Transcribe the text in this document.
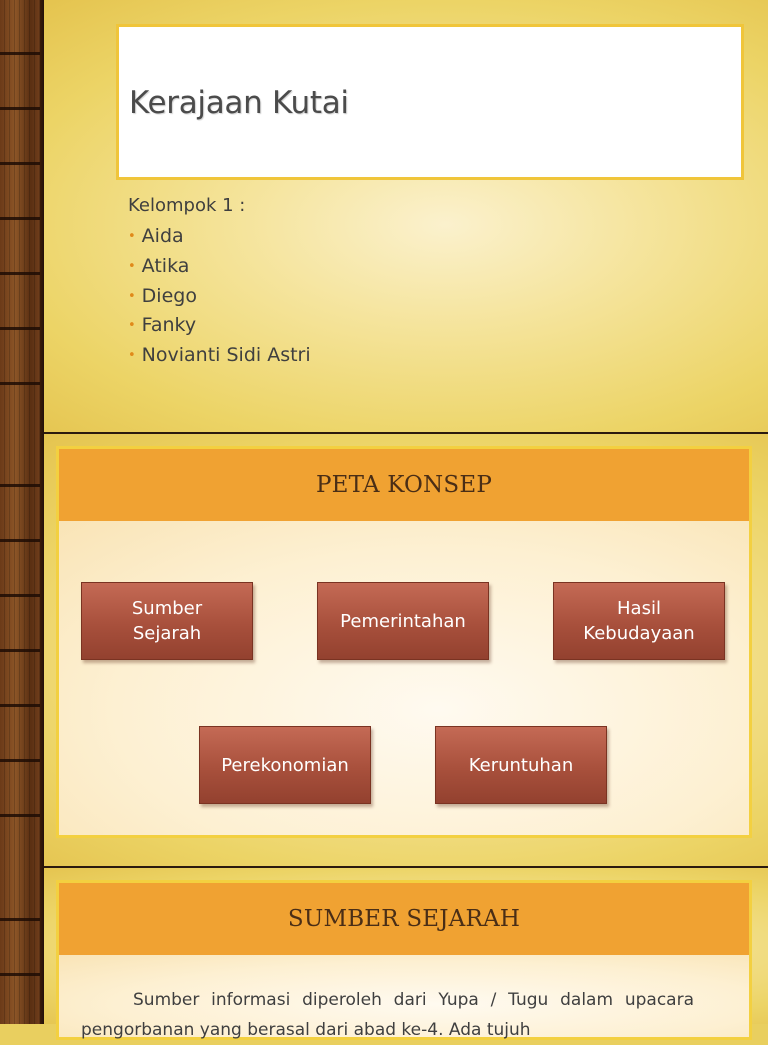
Kerajaan Kutai

Kelompok 1 :

• Aida
• Atika
• Diego
• Fanky
• Novianti Sidi Astri
PETA KONSEP
Sumber
Sejarah
Pemerintahan
Hasil
Kebudayaan
Perekonomian	Keruntuhan
SUMBER SEJARAH

Sumber informasi diperoleh dari Yupa / Tugu dalam upacara pengorbanan yang berasal dari abad ke-4. Ada tujuh
